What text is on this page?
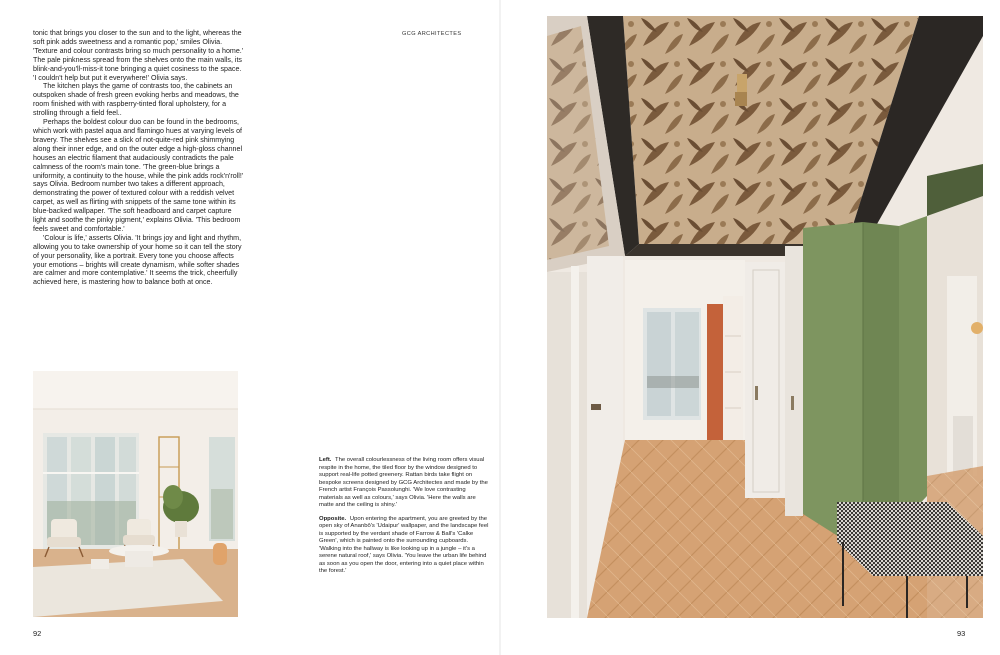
tonic that brings you closer to the sun and to the light, whereas the soft pink adds sweetness and a romantic pop,' smiles Olivia. 'Texture and colour contrasts bring so much personality to a home.' The pale pinkness spread from the shelves onto the main walls, its blink-and-you'll-miss-it tone bringing a quiet cosiness to the space. 'I couldn't help but put it everywhere!' Olivia says.

The kitchen plays the game of contrasts too, the cabinets an outspoken shade of fresh green evoking herbs and meadows, the room finished with with raspberry-tinted floral upholstery, for a strolling through a field feel..

Perhaps the boldest colour duo can be found in the bedrooms, which work with pastel aqua and flamingo hues at varying levels of bravery. The shelves see a slick of not-quite-red pink shimmying along their inner edge, and on the outer edge a high-gloss channel houses an electric filament that audaciously contradicts the pale calmness of the room's main tone. 'The green-blue brings a uniformity, a continuity to the house, while the pink adds rock'n'roll!' says Olivia. Bedroom number two takes a different approach, demonstrating the power of textured colour with a reddish velvet carpet, as well as flirting with snippets of the same tone within its blue-backed wallpaper. 'The soft headboard and carpet capture light and soothe the pinky pigment,' explains Olivia. 'This bedroom feels sweet and comfortable.'

'Colour is life,' asserts Olivia. 'It brings joy and light and rhythm, allowing you to take ownership of your home so it can tell the story of your personality, like a portrait. Every tone you choose affects your emotions – brights will create dynamism, while softer shades are calmer and more contemplative.' It seems the trick, cheerfully achieved here, is mastering how to balance both at once.

92
GCG ARCHITECTES

Left. The overall colourlessness of the living room offers visual respite in the home, the tiled floor by the window designed to support real-life potted greenery. Rattan birds take flight on bespoke screens designed by GCG Architectes and made by the French artist François Passolunghi. 'We love contrasting materials as well as colours,' says Olivia. 'Here the walls are matte and the ceiling is shiny.'

Opposite. Upon entering the apartment, you are greeted by the open sky of Ananbô's 'Udaipur' wallpaper, and the landscape feel is supported by the verdant shade of Farrow & Ball's 'Calke Green', which is painted onto the surrounding cupboards. 'Walking into the hallway is like looking up in a jungle – it's a serene natural roof,' says Olivia. 'You leave the urban life behind as soon as you open the door, entering into a quiet place within the forest.'

93
